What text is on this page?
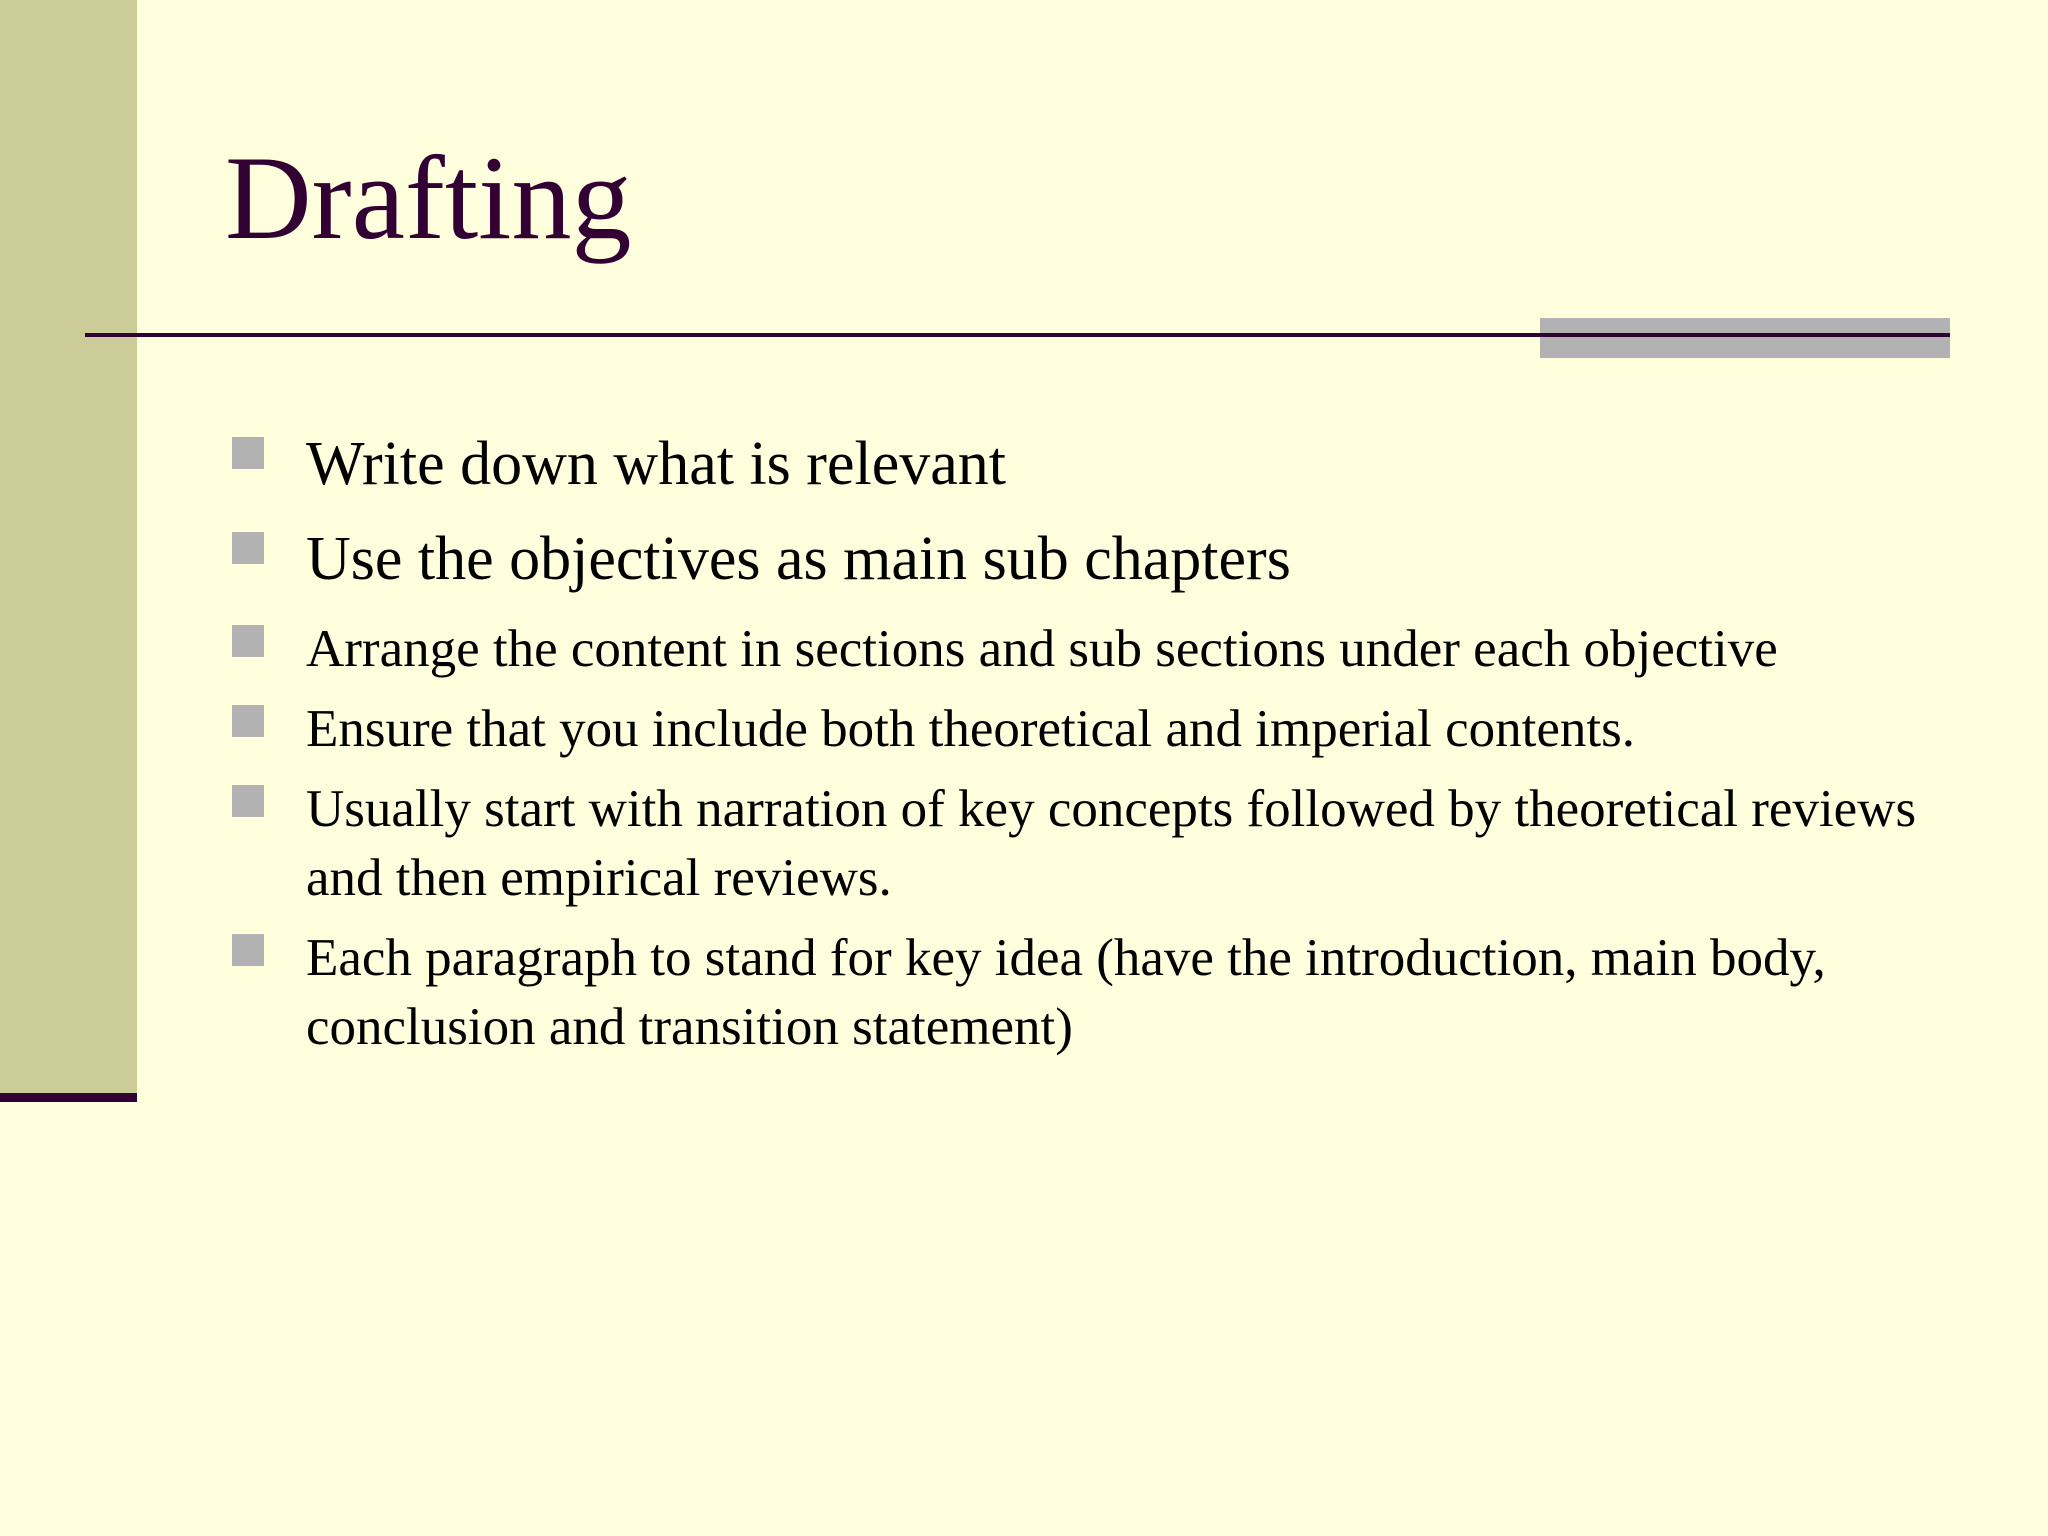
Drafting
Write down what is relevant
Use the objectives as main sub chapters
Arrange the content in sections and sub sections under each objective
Ensure that you include both theoretical and imperial contents.
Usually start with narration of key concepts followed by theoretical reviews and then empirical reviews.
Each paragraph to stand for key idea (have the introduction, main body, conclusion and transition statement)
